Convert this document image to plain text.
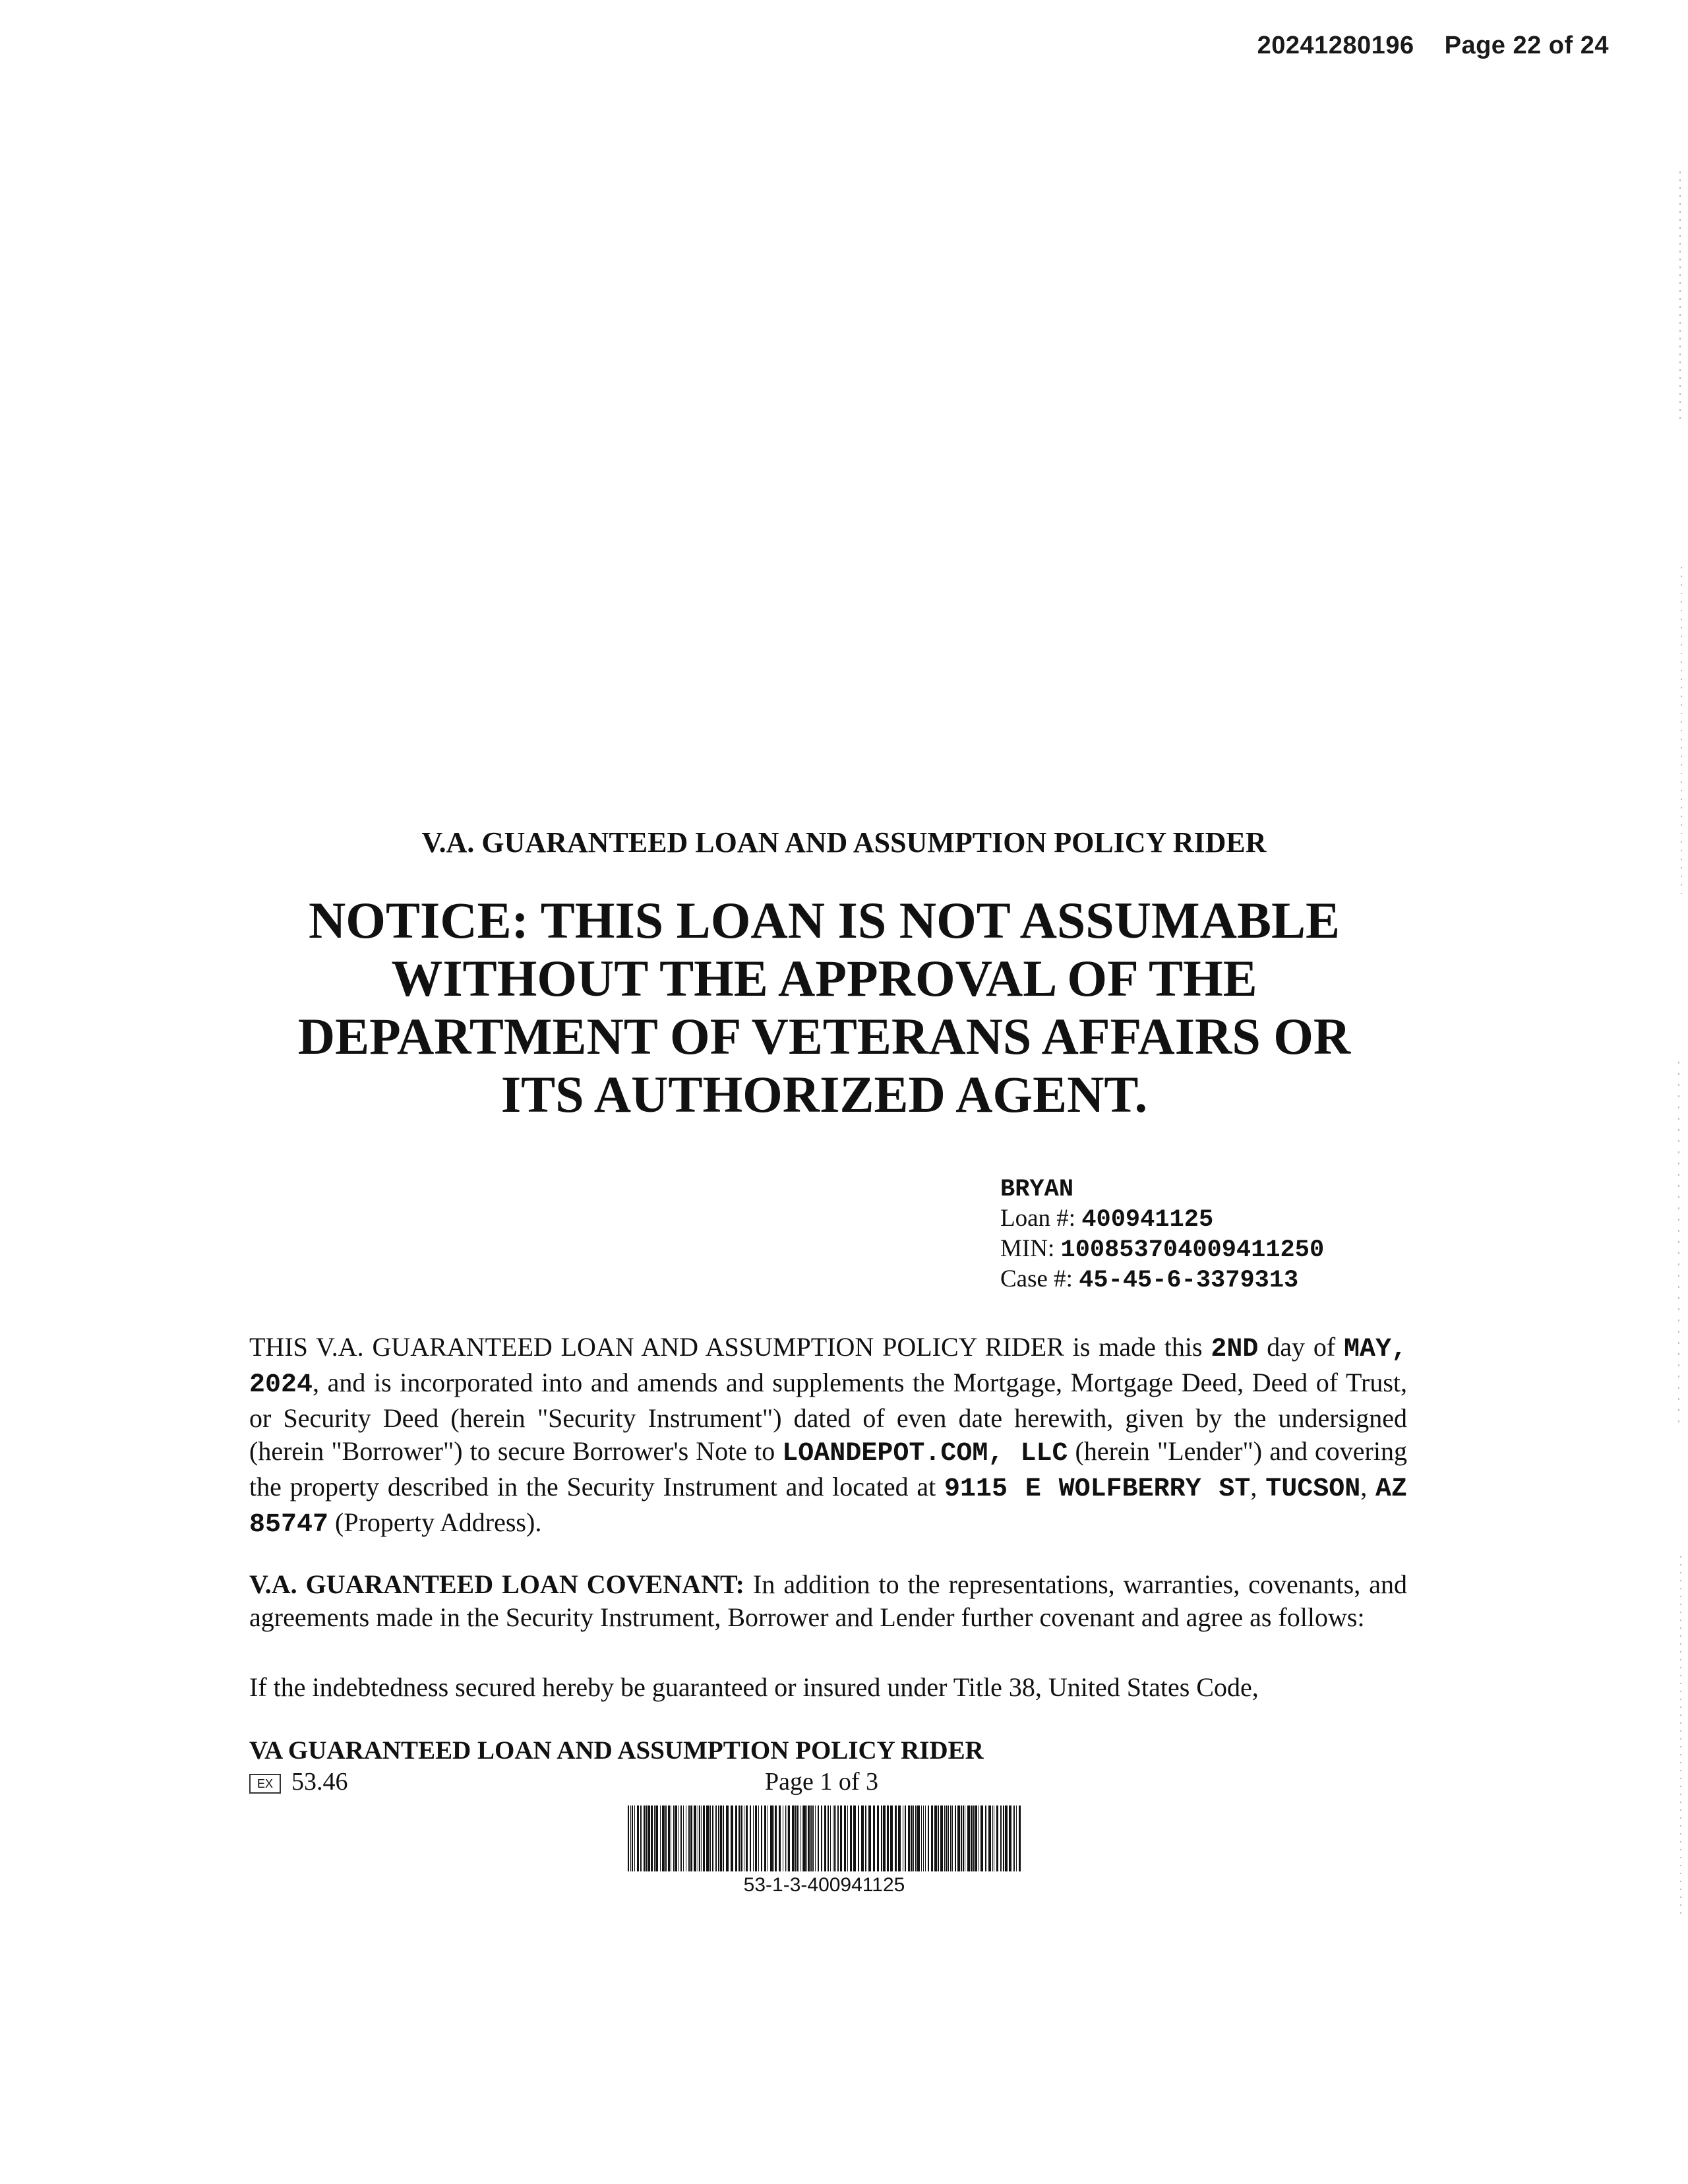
20241280196 Page 22 of 24
V.A. GUARANTEED LOAN AND ASSUMPTION POLICY RIDER
NOTICE: THIS LOAN IS NOT ASSUMABLE
WITHOUT THE APPROVAL OF THE
DEPARTMENT OF VETERANS AFFAIRS OR
ITS AUTHORIZED AGENT.
BRYAN
Loan #: 400941125
MIN: 100853704009411250
Case #: 45-45-6-3379313
THIS V.A. GUARANTEED LOAN AND ASSUMPTION POLICY RIDER is made this 2ND day of MAY, 2024, and is incorporated into and amends and supplements the Mortgage, Mortgage Deed, Deed of Trust, or Security Deed (herein "Security Instrument") dated of even date herewith, given by the undersigned (herein "Borrower") to secure Borrower's Note to LOANDEPOT.COM, LLC (herein "Lender") and covering the property described in the Security Instrument and located at 9115 E WOLFBERRY ST, TUCSON, AZ 85747 (Property Address).
V.A. GUARANTEED LOAN COVENANT: In addition to the representations, warranties, covenants, and agreements made in the Security Instrument, Borrower and Lender further covenant and agree as follows:
If the indebtedness secured hereby be guaranteed or insured under Title 38, United States Code,
VA GUARANTEED LOAN AND ASSUMPTION POLICY RIDER
EX 53.46	Page 1 of 3
53-1-3-400941125
